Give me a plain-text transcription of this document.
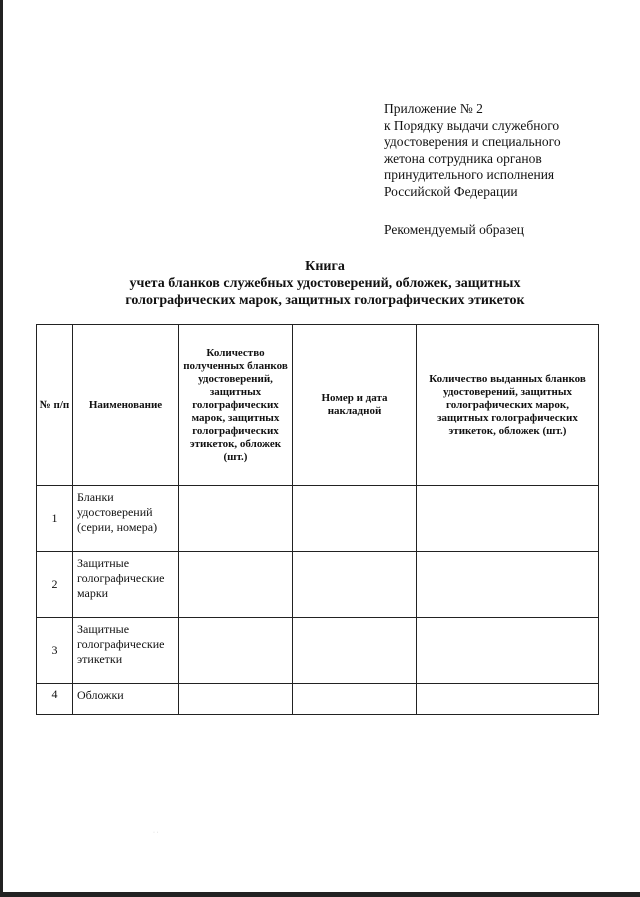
Приложение № 2
к Порядку выдачи служебного
удостоверения и специального
жетона сотрудника органов
принудительного исполнения
Российской Федерации
Рекомендуемый образец
Книга
учета бланков служебных удостоверений, обложек, защитных
голографических марок, защитных голографических этикеток
№ п/п	Наименование	Количество полученных бланков удостоверений, защитных голографических марок, защитных голографических этикеток, обложек (шт.)	Номер и дата накладной	Количество выданных бланков удостоверений, защитных голографических марок, защитных голографических этикеток, обложек (шт.)

1	Бланки удостоверений (серии, номера)			
2	Защитные голографические марки			
3	Защитные голографические этикетки			
4	Обложки			
· ·
